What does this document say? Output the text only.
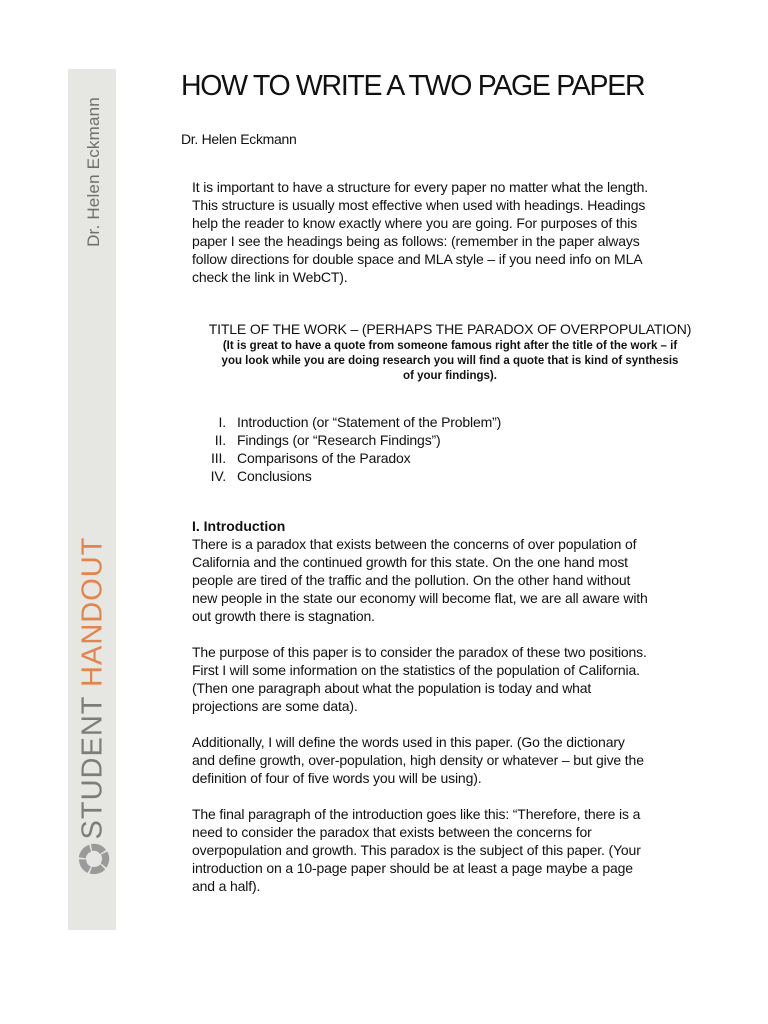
Dr. Helen Eckmann
STUDENT HANDOUT
HOW TO WRITE A TWO PAGE PAPER
Dr. Helen Eckmann
It is important to have a structure for every paper no matter what the length.
This structure is usually most effective when used with headings. Headings
help the reader to know exactly where you are going. For purposes of this
paper I see the headings being as follows: (remember in the paper always
follow directions for double space and MLA style – if you need info on MLA
check the link in WebCT).
TITLE OF THE WORK – (PERHAPS THE PARADOX OF OVERPOPULATION)
(It is great to have a quote from someone famous right after the title of the work – if
you look while you are doing research you will find a quote that is kind of synthesis
of your findings).
I. Introduction (or “Statement of the Problem”)
II. Findings (or “Research Findings”)
III. Comparisons of the Paradox
IV. Conclusions
I. Introduction

There is a paradox that exists between the concerns of over population of
California and the continued growth for this state. On the one hand most
people are tired of the traffic and the pollution. On the other hand without
new people in the state our economy will become flat, we are all aware with
out growth there is stagnation.

The purpose of this paper is to consider the paradox of these two positions.
First I will some information on the statistics of the population of California.
(Then one paragraph about what the population is today and what
projections are some data).

Additionally, I will define the words used in this paper. (Go the dictionary
and define growth, over-population, high density or whatever – but give the
definition of four of five words you will be using).

The final paragraph of the introduction goes like this: “Therefore, there is a
need to consider the paradox that exists between the concerns for
overpopulation and growth. This paradox is the subject of this paper. (Your
introduction on a 10-page paper should be at least a page maybe a page
and a half).
